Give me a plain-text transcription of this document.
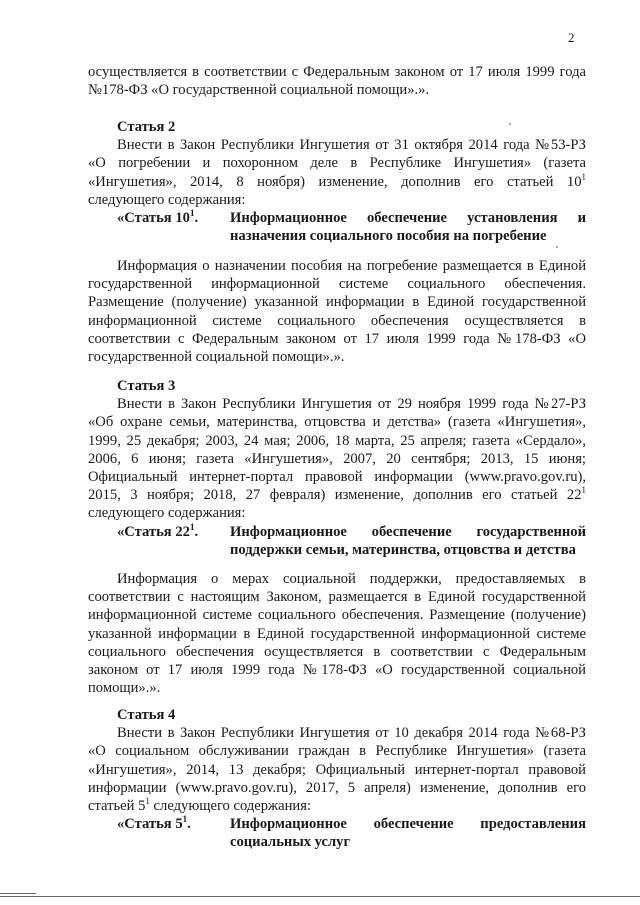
2

осуществляется в соответствии с Федеральным законом от 17 июля 1999 года №178-ФЗ «О государственной социальной помощи».».

Статья 2

Внести в Закон Республики Ингушетия от 31 октября 2014 года №53-РЗ «О погребении и похоронном деле в Республике Ингушетия» (газета «Ингушетия», 2014, 8 ноября) изменение, дополнив его статьей $10^1$ следующего содержания:

«Статья $10^1$.	Информационное обеспечение установления и назначения социального пособия на погребение

Информация о назначении пособия на погребение размещается в Единой государственной информационной системе социального обеспечения. Размещение (получение) указанной информации в Единой государственной информационной системе социального обеспечения осуществляется в соответствии с Федеральным законом от 17 июля 1999 года №178-ФЗ «О государственной социальной помощи».».

Статья 3

Внести в Закон Республики Ингушетия от 29 ноября 1999 года №27-РЗ «Об охране семьи, материнства, отцовства и детства» (газета «Ингушетия», 1999, 25 декабря; 2003, 24 мая; 2006, 18 марта, 25 апреля; газета «Сердало», 2006, 6 июня; газета «Ингушетия», 2007, 20 сентября; 2013, 15 июня; Официальный интернет-портал правовой информации (www.pravo.gov.ru), 2015, 3 ноября; 2018, 27 февраля) изменение, дополнив его статьей $22^1$ следующего содержания:

«Статья $22^1$.	Информационное обеспечение государственной поддержки семьи, материнства, отцовства и детства

Информация о мерах социальной поддержки, предоставляемых в соответствии с настоящим Законом, размещается в Единой государственной информационной системе социального обеспечения. Размещение (получение) указанной информации в Единой государственной информационной системе социального обеспечения осуществляется в соответствии с Федеральным законом от 17 июля 1999 года №178-ФЗ «О государственной социальной помощи».».

Статья 4

Внести в Закон Республики Ингушетия от 10 декабря 2014 года №68-РЗ «О социальном обслуживании граждан в Республике Ингушетия» (газета «Ингушетия», 2014, 13 декабря; Официальный интернет-портал правовой информации (www.pravo.gov.ru), 2017, 5 апреля) изменение, дополнив его статьей $5^1$ следующего содержания:

«Статья $5^1$.	Информационное обеспечение предоставления социальных услуг
